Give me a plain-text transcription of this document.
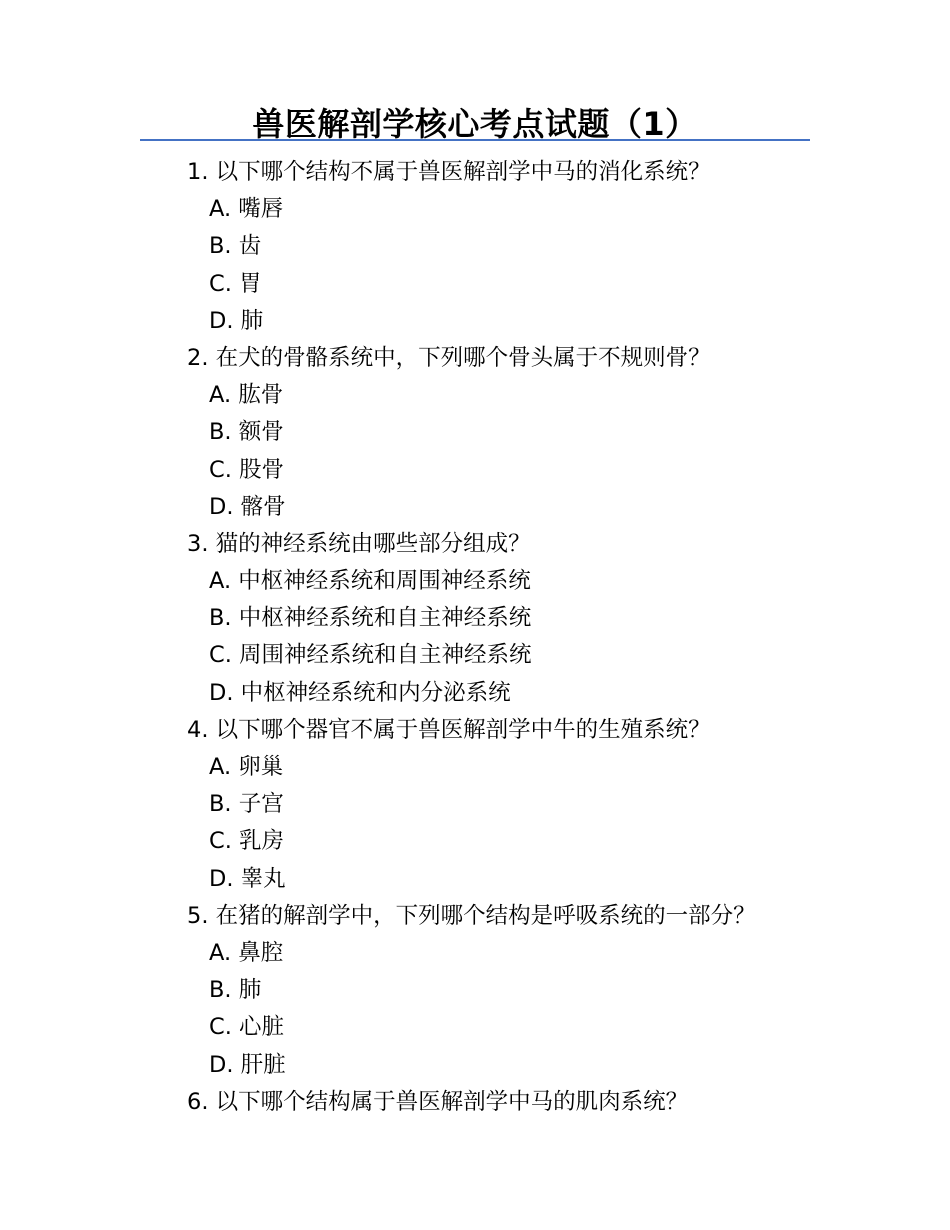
兽医解剖学核心考点试题（1）
1. 以下哪个结构不属于兽医解剖学中马的消化系统？
A. 嘴唇
B. 齿
C. 胃
D. 肺
2. 在犬的骨骼系统中，下列哪个骨头属于不规则骨？
A. 肱骨
B. 额骨
C. 股骨
D. 髂骨
3. 猫的神经系统由哪些部分组成？
A. 中枢神经系统和周围神经系统
B. 中枢神经系统和自主神经系统
C. 周围神经系统和自主神经系统
D. 中枢神经系统和内分泌系统
4. 以下哪个器官不属于兽医解剖学中牛的生殖系统？
A. 卵巢
B. 子宫
C. 乳房
D. 睾丸
5. 在猪的解剖学中，下列哪个结构是呼吸系统的一部分？
A. 鼻腔
B. 肺
C. 心脏
D. 肝脏
6. 以下哪个结构属于兽医解剖学中马的肌肉系统？
